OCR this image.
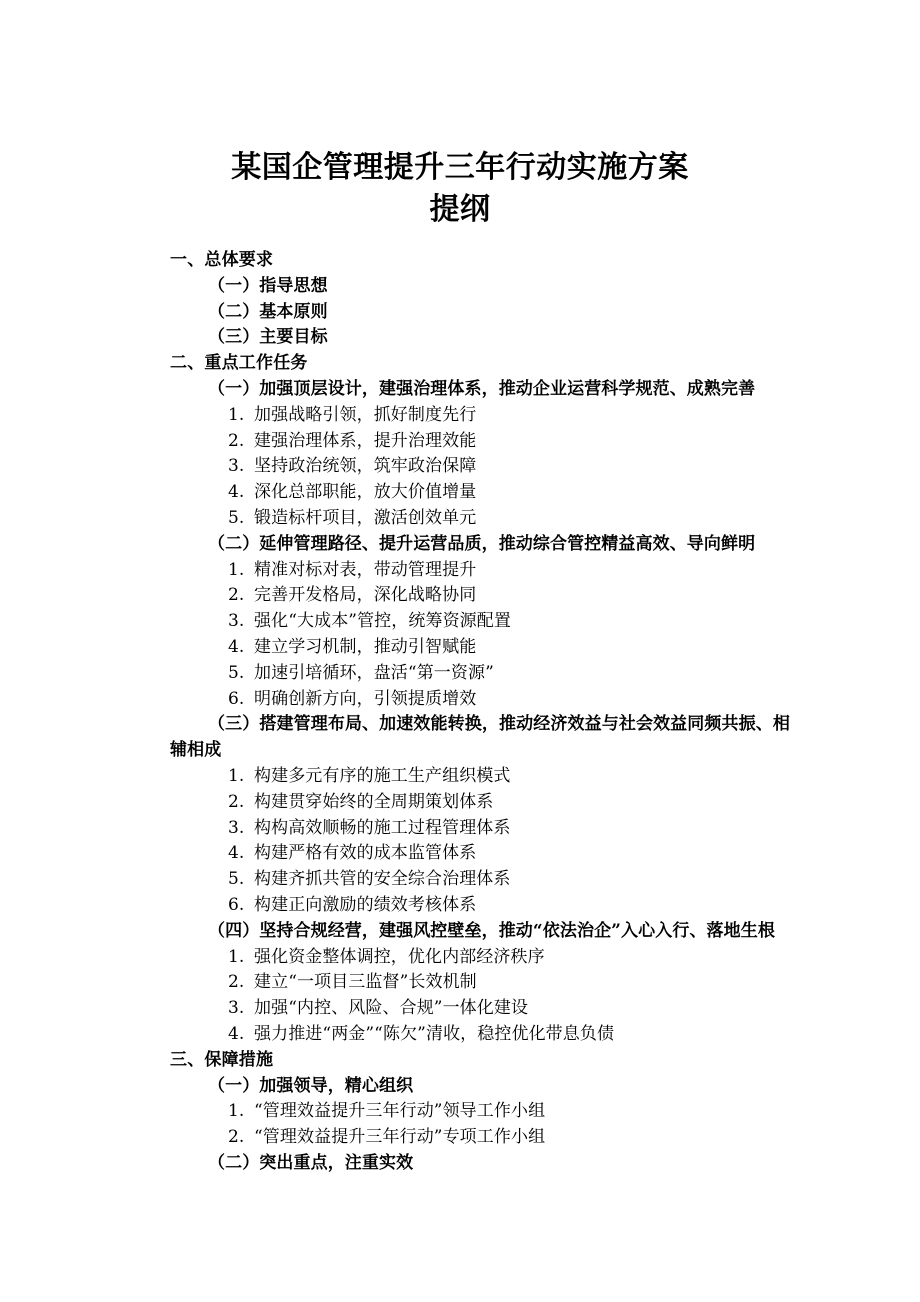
某国企管理提升三年行动实施方案
提纲
一、总体要求
（一）指导思想
（二）基本原则
（三）主要目标
二、重点工作任务
（一）加强顶层设计，建强治理体系，推动企业运营科学规范、成熟完善
1. 加强战略引领，抓好制度先行
2. 建强治理体系，提升治理效能
3. 坚持政治统领，筑牢政治保障
4. 深化总部职能，放大价值增量
5. 锻造标杆项目，激活创效单元
（二）延伸管理路径、提升运营品质，推动综合管控精益高效、导向鲜明
1. 精准对标对表，带动管理提升
2. 完善开发格局，深化战略协同
3. 强化“大成本”管控，统筹资源配置
4. 建立学习机制，推动引智赋能
5. 加速引培循环，盘活“第一资源”
6. 明确创新方向，引领提质增效
（三）搭建管理布局、加速效能转换，推动经济效益与社会效益同频共振、相辅相成
1. 构建多元有序的施工生产组织模式
2. 构建贯穿始终的全周期策划体系
3. 构构高效顺畅的施工过程管理体系
4. 构建严格有效的成本监管体系
5. 构建齐抓共管的安全综合治理体系
6. 构建正向激励的绩效考核体系
（四）坚持合规经营，建强风控壁垒，推动“依法治企”入心入行、落地生根
1. 强化资金整体调控，优化内部经济秩序
2. 建立“一项目三监督”长效机制
3. 加强“内控、风险、合规”一体化建设
4. 强力推进“两金”“陈欠”清收，稳控优化带息负债
三、保障措施
（一）加强领导，精心组织
1. “管理效益提升三年行动”领导工作小组
2. “管理效益提升三年行动”专项工作小组
（二）突出重点，注重实效
